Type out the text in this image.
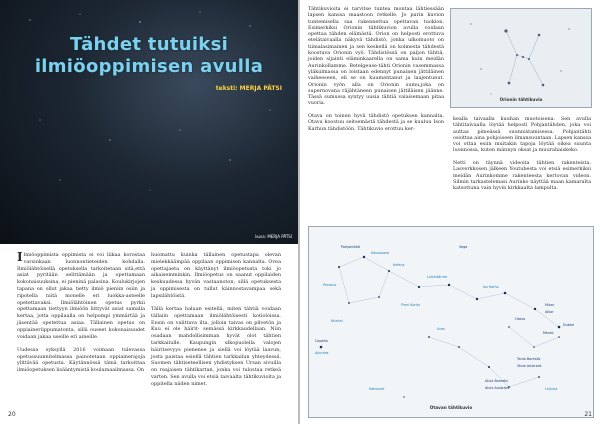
Tähdet tutuiksi
ilmiöoppimisen avulla
teksti: MERJA PÄTSI
kuva: MERJA PÄTSI

Ilmiöoppimista oppimista ei voi liikaa korostaa varsinkaan luonnontieteiden kohdalla. Ilmiölähtöisellä opetuksella tarkoitetaan sitä,että asiat pyritään selittämään ja opettamaan kokonaisuuksina, ei pieninä palasina. Koulukirjojen tapana on ollut jakaa tietty ilmiö pieniin osiin ja ripotella niitä monelle eri luokka-asteelle opetettavaksi. Ilmiölähtöinen opetus pyrkii opettamaan tiettyyn ilmiöön liittyvät asiat samalla kertaa, jotta oppilaalla on helpompi ymmärtää ja jäsentää opetettua asiaa. Tällainen opetus on oppiaineriippumatonta, sillä ouseet kokonaisuudet voidaan jakaa useille eri aineille.

Uudessa syksyllä 2016 voimaan tulevassa opetussuunnitelmassa painotetaan oppiainerajoja ylittävää opetusta. Käytännössä tämä tarkoittaa ilmiöopetuksen lisääntymistä koulumaailmassa. On

huomattu kuinka tällainen opetustapa olevan mielekkäämpää oppilaan oppimisen kannalta. Ovea opettajaeta on käyttänyt ilmiöopetusta toki jo aikaisemminkin. Ilmiöopetus on saanut oppilaiden keskuudessa hyvän vastaanoton, sillä opetuksesta ja oppimisesta on tullut käinnostavampaa sekä lapsilähtöistä.

Tällä kertaa haluan esitellä, miten tähtiä voidaan tällaiin opettamaan ilmiölähtöisesti kotioloissa. Ensin on valittava ilta, jolloin taivas on pilvetön ja Kuu ei ole häirit- semässä kirkkaudellaan. Niin osadaan mahdollisimman hyvät olot tähtien tarkkailulle. Kaupungin ulkopuolella valojen häiritsevyys pienenee ja siellä voi löytää laavun, josta paistaa esiellä tähtien tarkkailun yhteydessä. Suomen tähtiseteellisen yhdistyksen Ursan sivuilla on reajaisen tähtikartan, jonka voi tulostaa retkeä varten. Sen avulla voi etsiä taivaalta tähtikuvioita ja oppitella niiden nimet.

20

Tähtikuvioita ei tarvitse tuntea montaa lähtiessään lapsen kanssa maastoon retkelle. Jo parin kuvion tuntemisella saa rakennettua opettavan tuokion. Esimerkiksi Orionin tähtikuvion avulla voidaan opettaa tähden elämästä. Orion on helposti erottuva etelätaivaalla näkyvä tähdistö, jonka ulkomuoto on tiimalasimainen ja sen keskellä on kolmesta tähdestä koostuva Orionin vyö. Tähdistössä on paljon tähtiä, joiden sijainti eläminkaarella on sama kuin meidän Aurinkollamme. Betelgeuse-tähti Orionin vasemmassa yläkulmassa on loistaan edennyt punainen jättiläinen vaiheeseen, eli se on kuumentanut ja laajentunut. Orionin vyön alla on Orionin sumu,joka on supernovana räjähtäneen punaisen jättiläisen jäänne. Tässä sumussa syntyy uusia tähtiä valaisemaan pitaa vuoria.

Otava on toinen hyvä tähdistö opetuksen kannalta. Otava koostuu seitsemästä tähdestä ja se kuuluu Ison Karhun tähdistöön. Tähtikuvio erottuu ker-

Orionin tähtikuvio

kealla taivaalla kuuhan muotoisena. Sen avulla tähtitaivaalla löytää helposti Pohjantähden, joka voi auttaa pimeässä suunnistamisessa. Pohjantähti osoittaa aina pohjoiseen ilmansuuntaan. Lapsen kanssa voi ottaa esiin muitakin tapoja löytää oikea suunta luonnossa, kuten männyn oksat ja muurahaiskeko.

Netti on täynnä videoita tähtien rakenteista. Lasverkkosen jälkeen Youtubesta voi etsiä esimerkiksi meidän Aurinkomme rakenteesta kertovan videon. Silmin tarkastelemasi Aurinko näyttää maan kamaralta katsottuna vain hyvin kirkkaalta lampulta.

Pohjantähti
Kassiopeia
Kefeus
Lohikäärme
Iso Karhu
Pieni Karhu
Otava
Capella
Ajomies
Mizar
Alkor
Dubhe
Merak
Tania Borealis
Tania Australis
Alula Borealis
Alula Australis	Leijona
Ilves
Kirahvi
Perseus
Vega
Kaksoset
Otavan tähtikuvio
21
